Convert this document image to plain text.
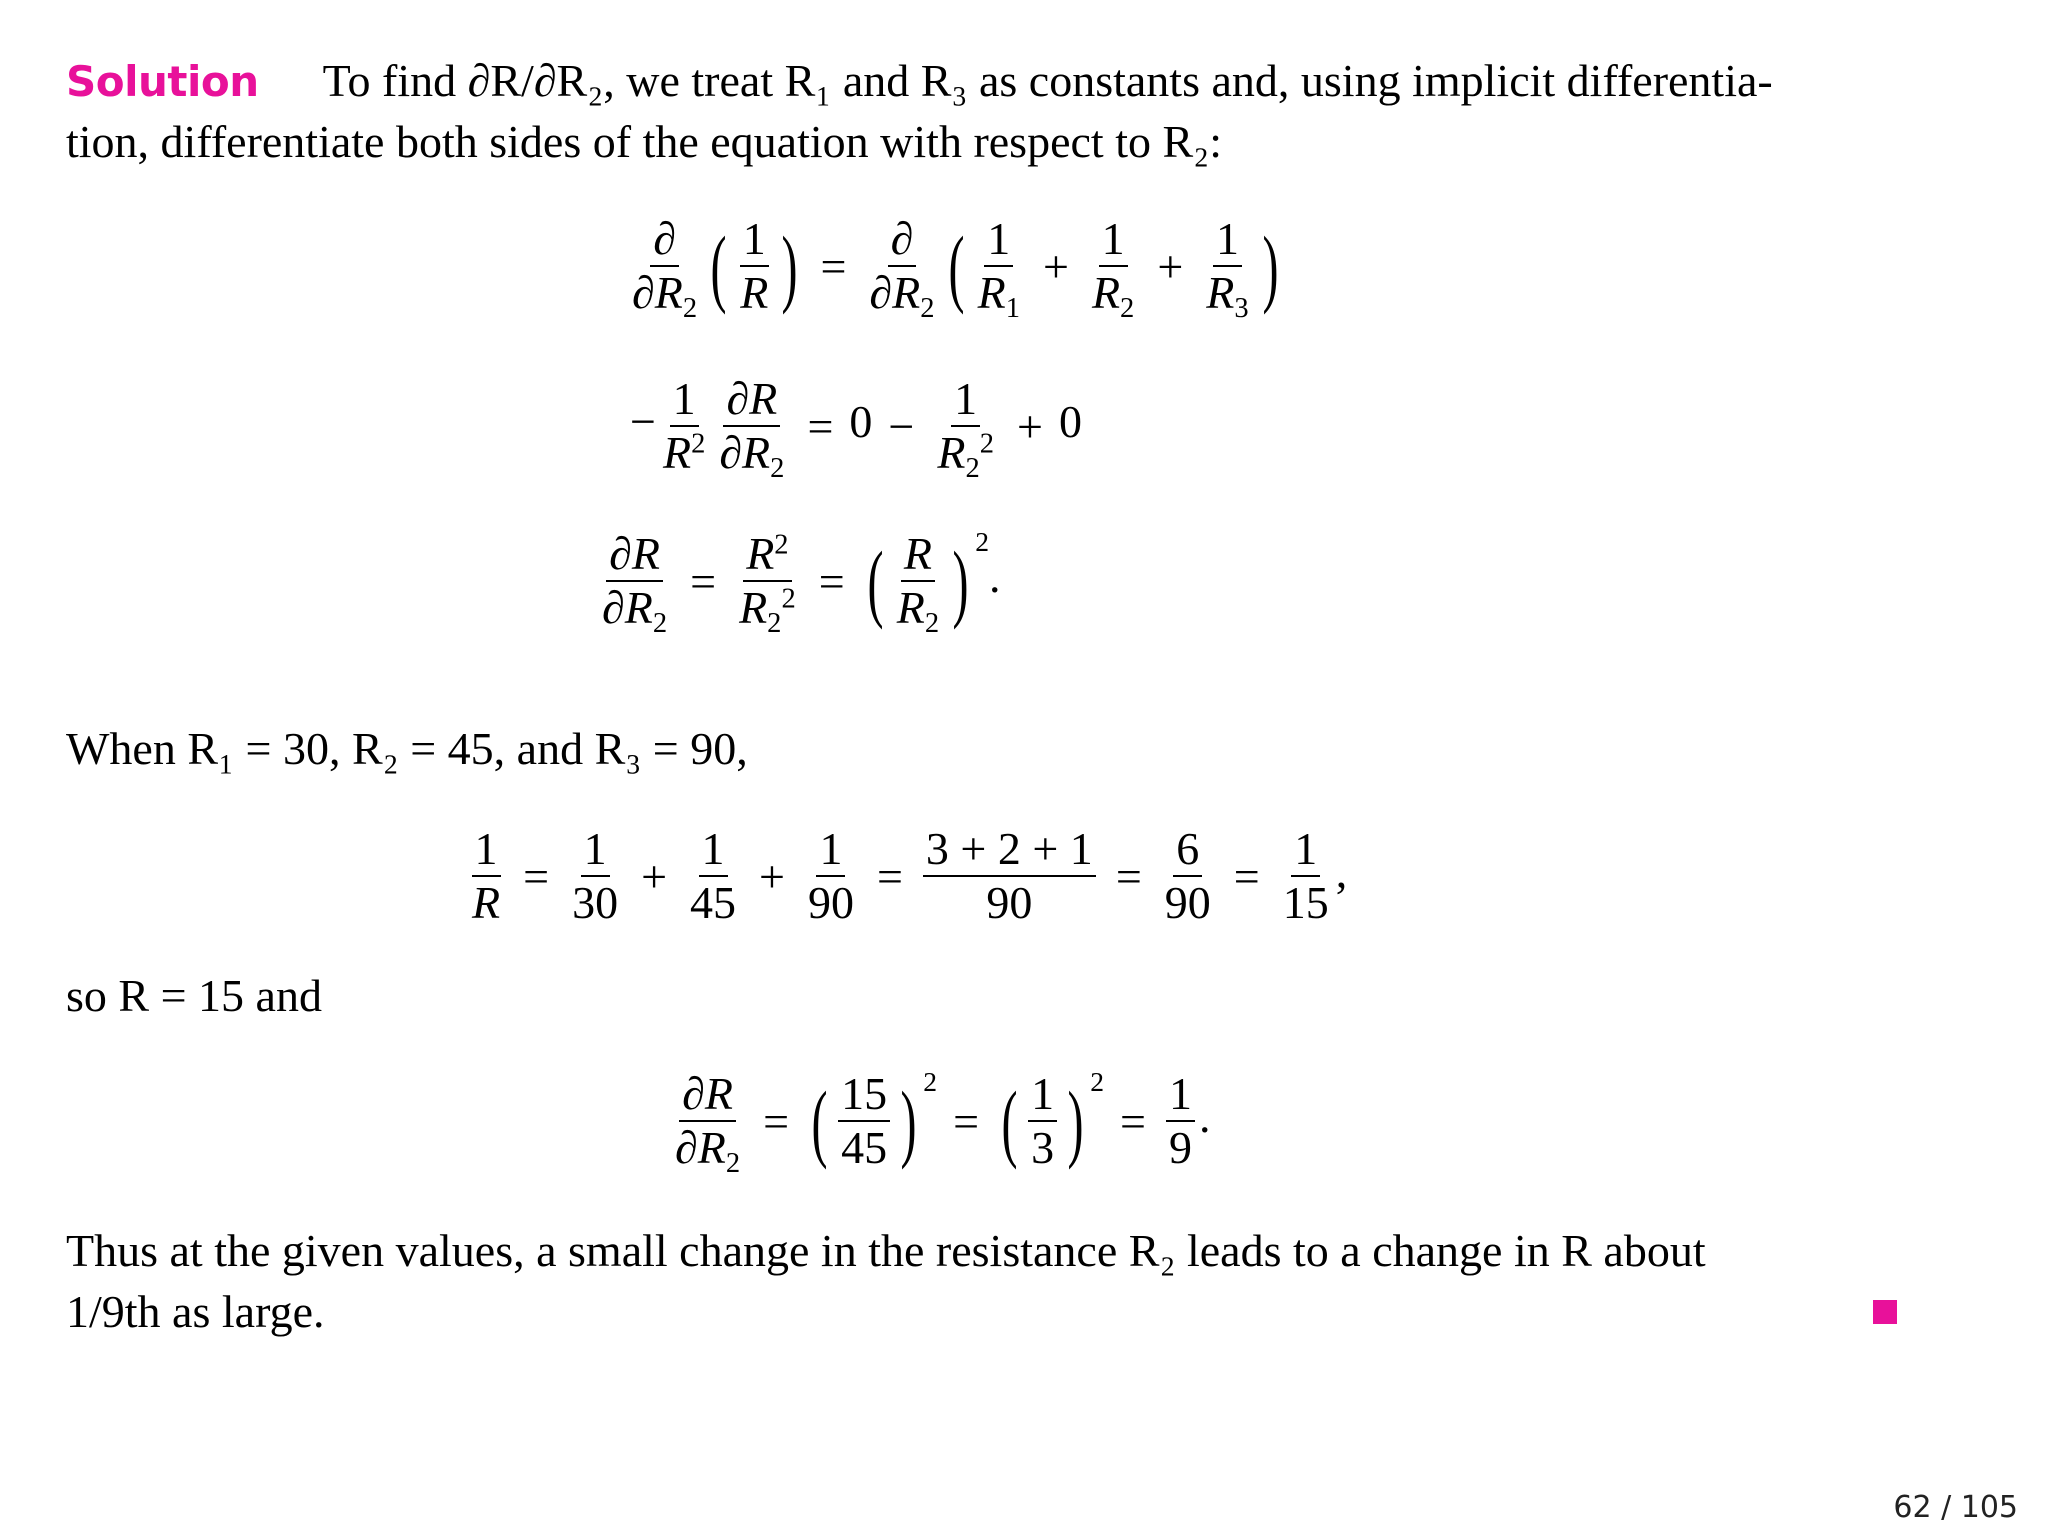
Solution To find ∂R/∂R₂, we treat R₁ and R₃ as constants and, using implicit differentia-
tion, differentiate both sides of the equation with respect to R₂:
$\frac{\partial}{\partial R_2}$ ( $\frac{1}{R}$ ) = $\frac{\partial}{\partial R_2}$ ( $\frac{1}{R_1} + \frac{1}{R_2} + \frac{1}{R_3}$ )
− $\frac{1}{R^2} \frac{\partial R}{\partial R_2} = 0 - \frac{1}{R_2^2} + 0$
$\frac{\partial R}{\partial R_2} = \frac{R^2}{R_2^2}$ = ( $\frac{R}{R_2}$ ) 2.
When R₁ = 30, R₂ = 45, and R₃ = 90,
$\frac{1}{R} = \frac{1}{30} + \frac{1}{45} + \frac{1}{90} = \frac{3 + 2 + 1}{90} = \frac{6}{90} = \frac{1}{15}$ ,
so R = 15 and
$\frac{\partial R}{\partial R_2}$ = ( $\frac{15}{45}$ ) 2= ( $\frac{1}{3}$ ) $2= \frac{1}{9}$ .
Thus at the given values, a small change in the resistance R₂ leads to a change in R about
1/9th as large.
62 / 105
